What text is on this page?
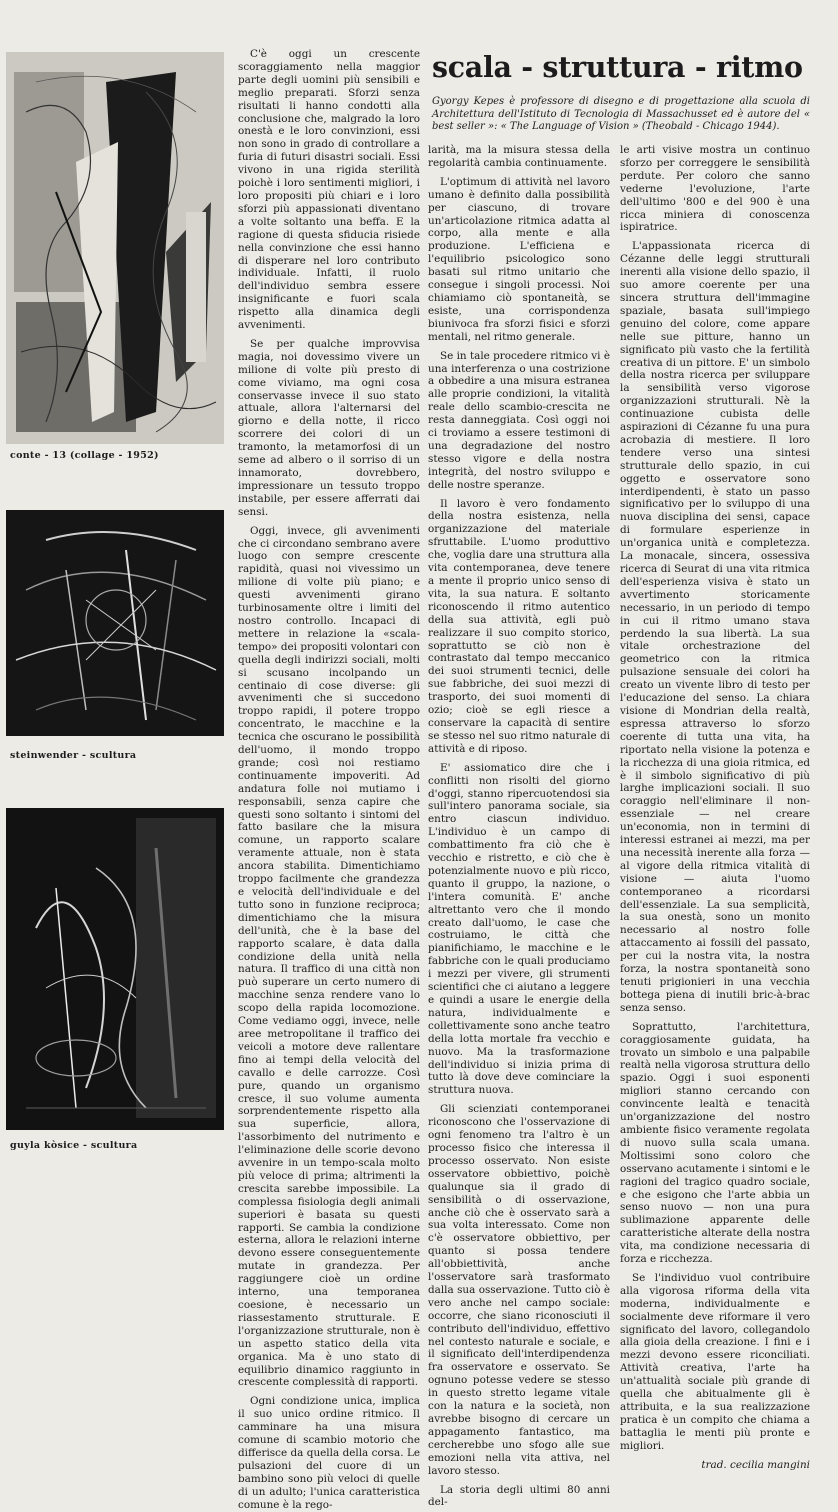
conte - 13 (collage - 1952)
steinwender - scultura
guyla kòsice - scultura
scala - struttura - ritmo
Gyorgy Kepes è professore di disegno e di progettazione alla scuola di Architettura dell'Istituto di Tecnologia di Massachusset ed è autore del « best seller »: « The Language of Vision » (Theobald - Chicago 1944).

C'è oggi un crescente scoraggiamento nella maggior parte degli uomini più sensibili e meglio preparati. Sforzi senza risultati li hanno condotti alla conclusione che, malgrado la loro onestà e le loro convinzioni, essi non sono in grado di controllare a furia di futuri disastri sociali. Essi vivono in una rigida sterilità poichè i loro sentimenti migliori, i loro propositi più chiari e i loro sforzi più appassionati diventano a volte soltanto una beffa. E la ragione di questa sfiducia risiede nella convinzione che essi hanno di disperare nel loro contributo individuale. Infatti, il ruolo dell'individuo sembra essere insignificante e fuori scala rispetto alla dinamica degli avvenimenti.

Se per qualche improvvisa magia, noi dovessimo vivere un milione di volte più presto di come viviamo, ma ogni cosa conservasse invece il suo stato attuale, allora l'alternarsi del giorno e della notte, il ricco scorrere dei colori di un tramonto, la metamorfosi di un seme ad albero o il sorriso di un innamorato, dovrebbero, impressionare un tessuto troppo instabile, per essere afferrati dai sensi.

Oggi, invece, gli avvenimenti che ci circondano sembrano avere luogo con sempre crescente rapidità, quasi noi vivessimo un milione di volte più piano; e questi avvenimenti girano turbinosamente oltre i limiti del nostro controllo. Incapaci di mettere in relazione la «scala-tempo» dei propositi volontari con quella degli indirizzi sociali, molti si scusano incolpando un centinaio di cose diverse: gli avvenimenti che si succedono troppo rapidi, il potere troppo concentrato, le macchine e la tecnica che oscurano le possibilità dell'uomo, il mondo troppo grande; così noi restiamo continuamente impoveriti. Ad andatura folle noi mutiamo i responsabili, senza capire che questi sono soltanto i sintomi del fatto basilare che la misura comune, un rapporto scalare veramente attuale, non è stata ancora stabilita. Dimentichiamo troppo facilmente che grandezza e velocità dell'individuale e del tutto sono in funzione reciproca; dimentichiamo che la misura dell'unità, che è la base del rapporto scalare, è data dalla condizione della unità nella natura. Il traffico di una città non può superare un certo numero di macchine senza rendere vano lo scopo della rapida locomozione. Come vediamo oggi, invece, nelle aree metropolitane il traffico dei veicoli a motore deve rallentare fino ai tempi della velocità del cavallo e delle carrozze. Così pure, quando un organismo cresce, il suo volume aumenta sorprendentemente rispetto alla sua superficie, allora, l'assorbimento del nutrimento e l'eliminazione delle scorie devono avvenire in un tempo-scala molto più veloce di prima; altrimenti la crescita sarebbe impossibile. La complessa fisiologia degli animali superiori è basata su questi rapporti. Se cambia la condizione esterna, allora le relazioni interne devono essere conseguentemente mutate in grandezza. Per raggiungere cioè un ordine interno, una temporanea coesione, è necessario un riassestamento strutturale. E l'organizzazione strutturale, non è un aspetto statico della vita organica. Ma è uno stato di equilibrio dinamico raggiunto in crescente complessità di rapporti.

Ogni condizione unica, implica il suo unico ordine ritmico. Il camminare ha una misura comune di scambio motorio che differisce da quella della corsa. Le pulsazioni del cuore di un bambino sono più veloci di quelle di un adulto; l'unica caratteristica comune è la rego-

larità, ma la misura stessa della regolarità cambia continuamente.

L'optimum di attività nel lavoro umano è definito dalla possibilità per ciascuno, di trovare un'articolazione ritmica adatta al corpo, alla mente e alla produzione. L'efficiena e l'equilibrio psicologico sono basati sul ritmo unitario che consegue i singoli processi. Noi chiamiamo ciò spontaneità, se esiste, una corrispondenza biunivoca fra sforzi fisici e sforzi mentali, nel ritmo generale.

Se in tale procedere ritmico vi è una interferenza o una costrizione a obbedire a una misura estranea alle proprie condizioni, la vitalità reale dello scambio-crescita ne resta danneggiata. Così oggi noi ci troviamo a essere testimoni di una degradazione del nostro stesso vigore e della nostra integrità, del nostro sviluppo e delle nostre speranze.

Il lavoro è vero fondamento della nostra esistenza, nella organizzazione del materiale sfruttabile. L'uomo produttivo che, voglia dare una struttura alla vita contemporanea, deve tenere a mente il proprio unico senso di vita, la sua natura. E soltanto riconoscendo il ritmo autentico della sua attività, egli può realizzare il suo compito storico, soprattutto se ciò non è contrastato dal tempo meccanico dei suoi strumenti tecnici, delle sue fabbriche, dei suoi mezzi di trasporto, dei suoi momenti di ozio; cioè se egli riesce a conservare la capacità di sentire se stesso nel suo ritmo naturale di attività e di riposo.

E' assiomatico dire che i conflitti non risolti del giorno d'oggi, stanno ripercuotendosi sia sull'intero panorama sociale, sia entro ciascun individuo. L'individuo è un campo di combattimento fra ciò che è vecchio e ristretto, e ciò che è potenzialmente nuovo e più ricco, quanto il gruppo, la nazione, o l'intera comunità. E' anche altrettanto vero che il mondo creato dall'uomo, le case che costruiamo, le città che pianifichiamo, le macchine e le fabbriche con le quali produciamo i mezzi per vivere, gli strumenti scientifici che ci aiutano a leggere e quindi a usare le energie della natura, individualmente e collettivamente sono anche teatro della lotta mortale fra vecchio e nuovo. Ma la trasformazione dell'individuo si inizia prima di tutto là dove deve cominciare la struttura nuova.

Gli scienziati contemporanei riconoscono che l'osservazione di ogni fenomeno tra l'altro è un processo fisico che interessa il processo osservato. Non esiste osservatore obbiettivo, poichè qualunque sia il grado di sensibilità o di osservazione, anche ciò che è osservato sarà a sua volta interessato. Come non c'è osservatore obbiettivo, per quanto si possa tendere all'obbiettività, anche l'osservatore sarà trasformato dalla sua osservazione. Tutto ciò è vero anche nel campo sociale: occorre, che siano riconosciuti il contributo dell'individuo, effettivo nel contesto naturale e sociale, e il significato dell'interdipendenza fra osservatore e osservato. Se ognuno potesse vedere se stesso in questo stretto legame vitale con la natura e la società, non avrebbe bisogno di cercare un appagamento fantastico, ma cercherebbe uno sfogo alle sue emozioni nella vita attiva, nel lavoro stesso.

La storia degli ultimi 80 anni del-

le arti visive mostra un continuo sforzo per correggere le sensibilità perdute. Per coloro che sanno vederne l'evoluzione, l'arte dell'ultimo '800 e del 900 è una ricca miniera di conoscenza ispiratrice.

L'appassionata ricerca di Cézanne delle leggi strutturali inerenti alla visione dello spazio, il suo amore coerente per una sincera struttura dell'immagine spaziale, basata sull'impiego genuino del colore, come appare nelle sue pitture, hanno un significato più vasto che la fertilità creativa di un pittore. E' un simbolo della nostra ricerca per sviluppare la sensibilità verso vigorose organizzazioni strutturali. Nè la continuazione cubista delle aspirazioni di Cézanne fu una pura acrobazia di mestiere. Il loro tendere verso una sintesi strutturale dello spazio, in cui oggetto e osservatore sono interdipendenti, è stato un passo significativo per lo sviluppo di una nuova disciplina dei sensi, capace di formulare esperienze in un'organica unità e completezza. La monacale, sincera, ossessiva ricerca di Seurat di una vita ritmica dell'esperienza visiva è stato un avvertimento storicamente necessario, in un periodo di tempo in cui il ritmo umano stava perdendo la sua libertà. La sua vitale orchestrazione del geometrico con la ritmica pulsazione sensuale dei colori ha creato un vivente libro di testo per l'educazione del senso. La chiara visione di Mondrian della realtà, espressa attraverso lo sforzo coerente di tutta una vita, ha riportato nella visione la potenza e la ricchezza di una gioia ritmica, ed è il simbolo significativo di più larghe implicazioni sociali. Il suo coraggio nell'eliminare il non-essenziale — nel creare un'economia, non in termini di interessi estranei ai mezzi, ma per una necessità inerente alla forza — al vigore della ritmica vitalità di visione — aiuta l'uomo contemporaneo a ricordarsi dell'essenziale. La sua semplicità, la sua onestà, sono un monito necessario al nostro folle attaccamento ai fossili del passato, per cui la nostra vita, la nostra forza, la nostra spontaneità sono tenuti prigionieri in una vecchia bottega piena di inutili bric-à-brac senza senso.

Soprattutto, l'architettura, coraggiosamente guidata, ha trovato un simbolo e una palpabile realtà nella vigorosa struttura dello spazio. Oggi i suoi esponenti migliori stanno cercando con convincente lealtà e tenacità un'organizzazione del nostro ambiente fisico veramente regolata di nuovo sulla scala umana. Moltissimi sono coloro che osservano acutamente i sintomi e le ragioni del tragico quadro sociale, e che esigono che l'arte abbia un senso nuovo — non una pura sublimazione apparente delle caratteristiche alterate della nostra vita, ma condizione necessaria di forza e ricchezza.

Se l'individuo vuol contribuire alla vigorosa riforma della vita moderna, individualmente e socialmente deve riformare il vero significato del lavoro, collegandolo alla gioia della creazione. I fini e i mezzi devono essere riconciliati. Attività creativa, l'arte ha un'attualità sociale più grande di quella che abitualmente gli è attribuita, e la sua realizzazione pratica è un compito che chiama a battaglia le menti più pronte e migliori.

trad. cecilia mangini
